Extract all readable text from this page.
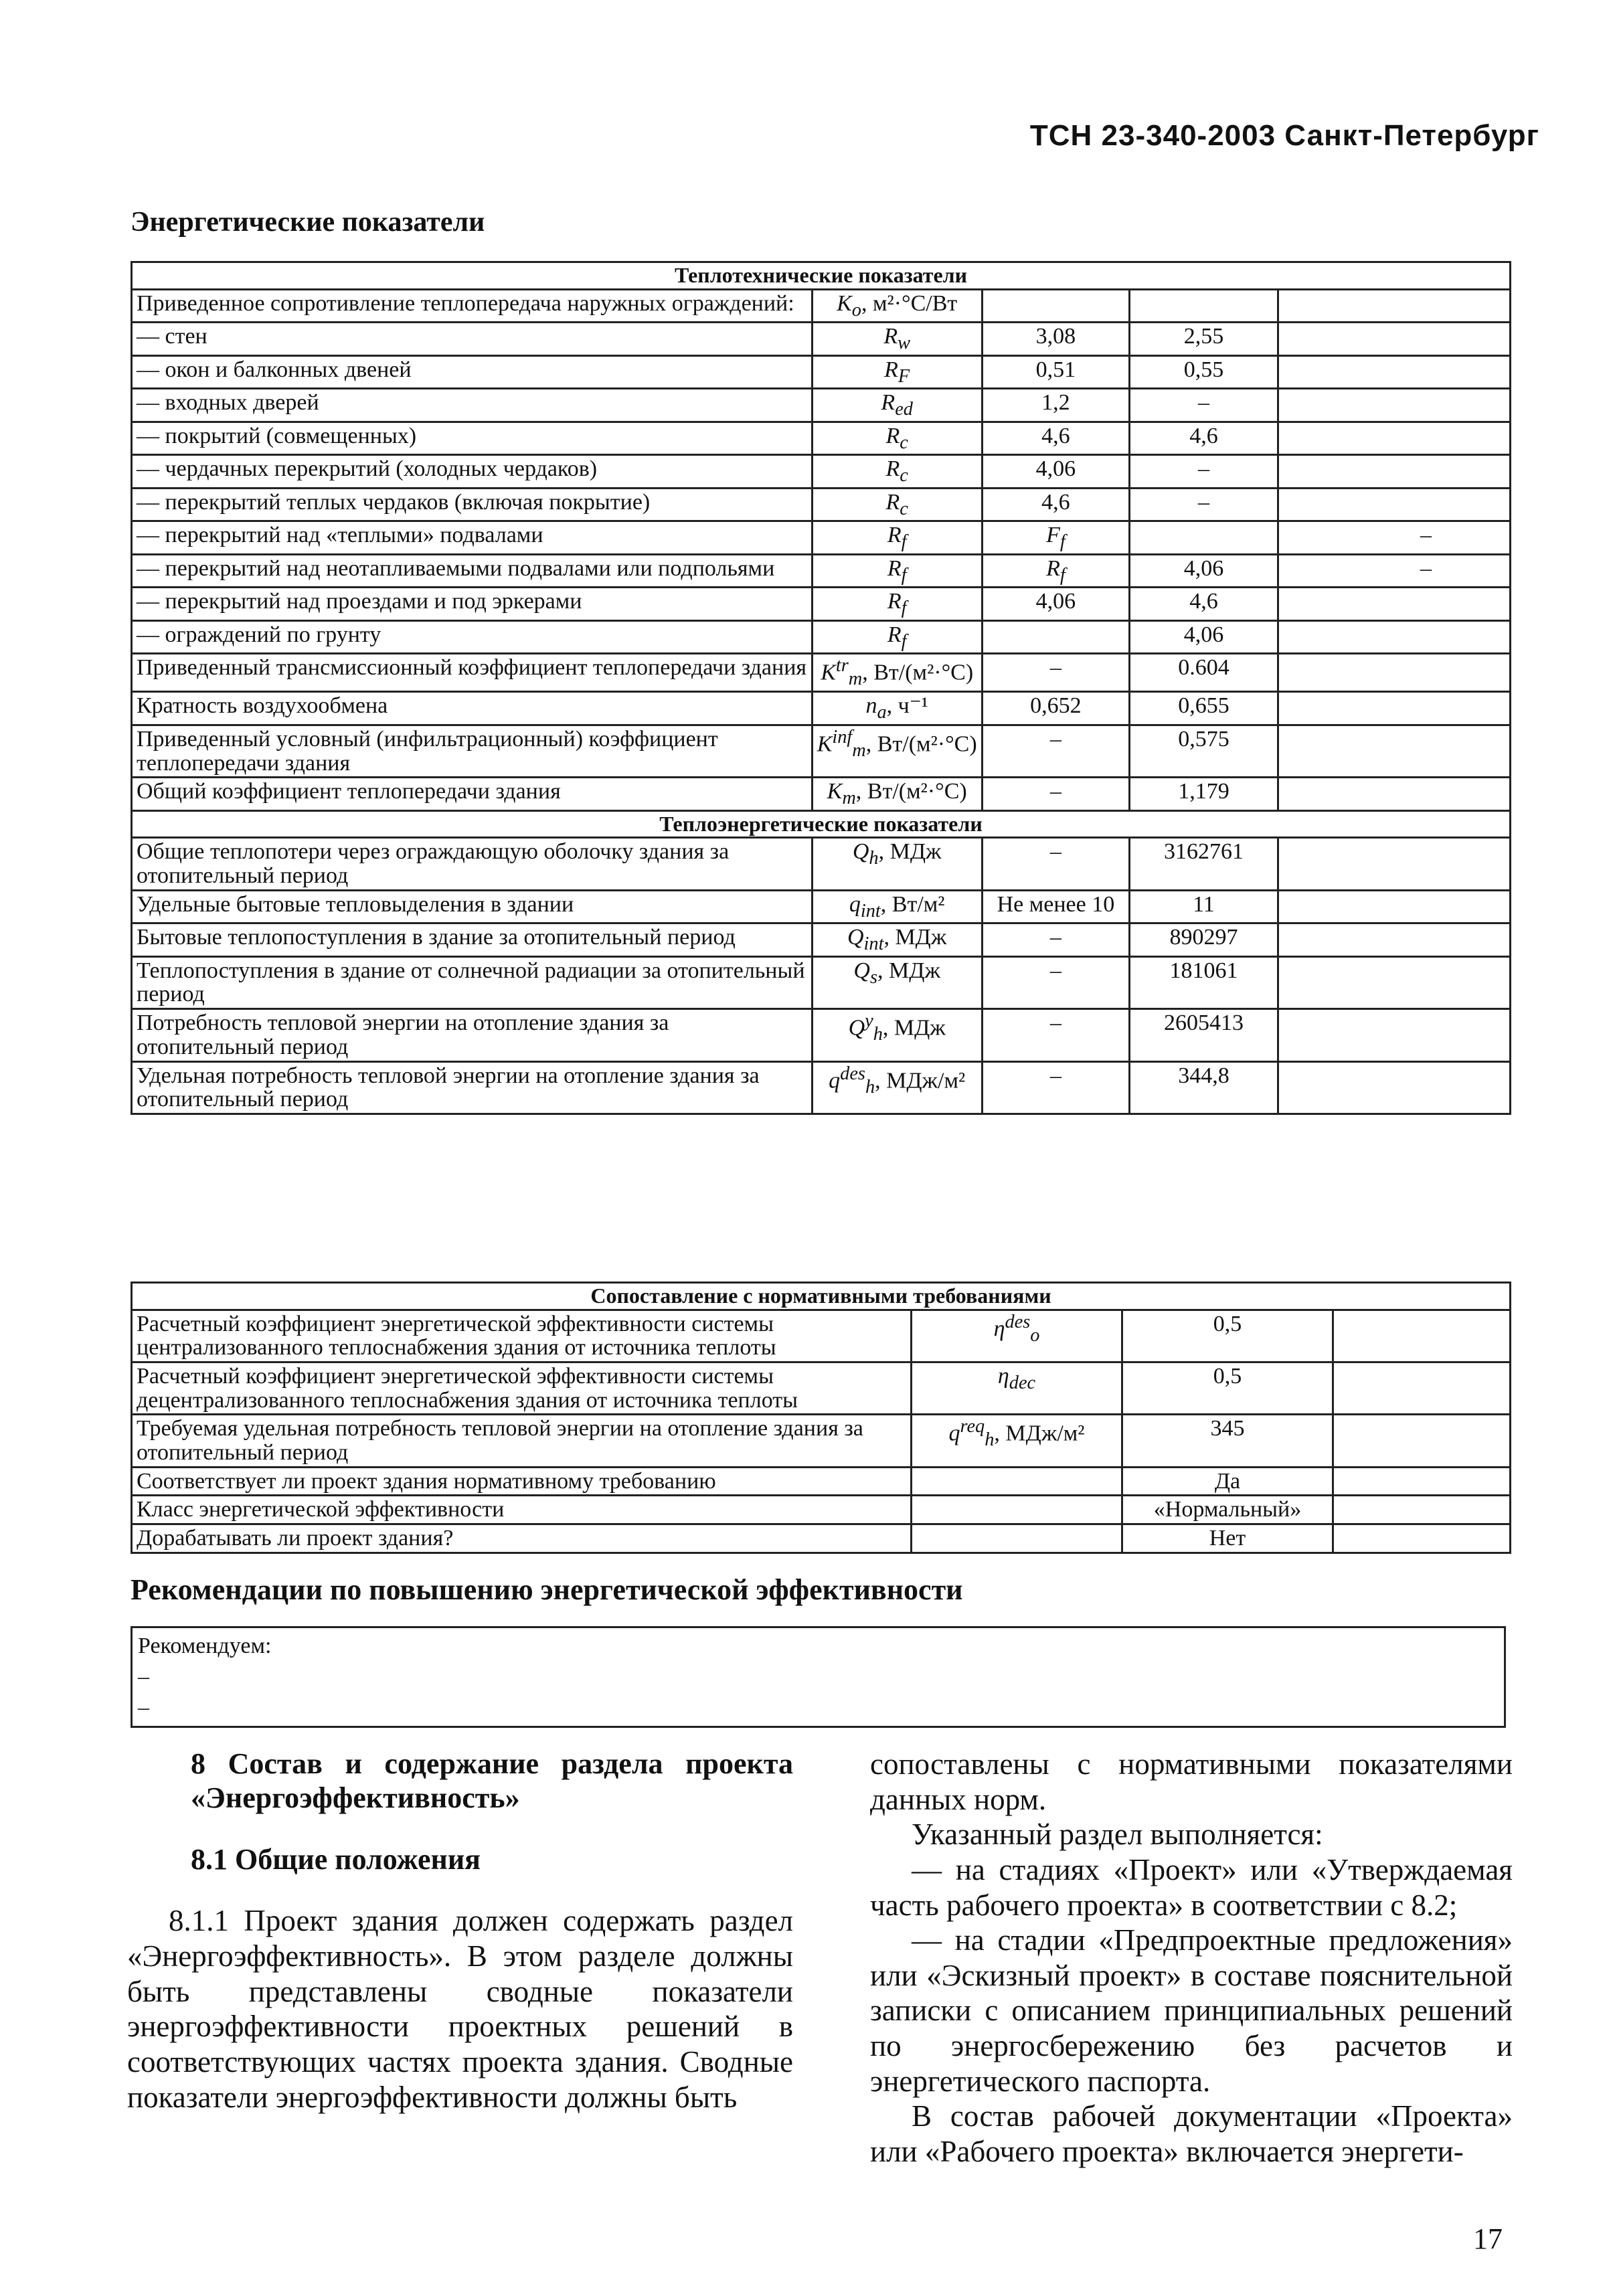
ТСН 23-340-2003 Санкт-Петербург
Энергетические показатели
Теплотехнические показатели				
Приведенное сопротивление теплопередача наружных ограждений:	$K_o$, м²·°С/Вт			

— стен	$R_w$	3,08	2,55	

— окон и балконных двеней	$R_F$	0,51	0,55	

— входных дверей	$R_{ed}$	1,2	–	

— покрытий (совмещенных)	$R_c$	4,6	4,6	

— чердачных перекрытий (холодных чердаков)	$R_c$	4,06	–	

— перекрытий теплых чердаков (включая покрытие)	$R_c$	4,6	–	

— перекрытий над «теплыми» подвалами	$R_f$	$F_f$		–

— перекрытий над неотапливаемыми подвалами или подпольями	$R_f$	$R_f$	4,06	–

— перекрытий над проездами и под эркерами	$R_f$	4,06	4,6	

— ограждений по грунту	$R_f$		4,06	

Приведенный трансмиссионный коэффициент теплопередачи здания	$K^{tr}_m$, Вт/(м²·°С)	–	0.604	

Кратность воздухообмена	$n_a$, ч⁻¹	0,652	0,655	

Приведенный условный (инфильтрационный) коэффициент теплопередачи здания	$K^{inf}_m$, Вт/(м²·°С)	–	0,575	

Общий коэффициент теплопередачи здания	$K_m$, Вт/(м²·°С)	–	1,179	

Теплоэнергетические показатели				
Общие теплопотери через ограждающую оболочку здания за отопительный период	$Q_h$, МДж	–	3162761	
Удельные бытовые тепловыделения в здании	$q_{int}$, Вт/м²	Не менее 10	11	
Бытовые теплопоступления в здание за отопительный период	$Q_{int}$, МДж	–	890297	
Теплопоступления в здание от солнечной радиации за отопительный период	$Q_s$, МДж	–	181061	
Потребность тепловой энергии на отопление здания за отопительный период	$Q^y_h$, МДж	–	2605413	
Удельная потребность тепловой энергии на отопление здания за отопительный период	$q^{des}_h$, МДж/м²	–	344,8	
Сопоставление с нормативными требованиями			
Расчетный коэффициент энергетической эффективности системы централизованного теплоснабжения здания от источника теплоты	$\eta^{des}_o$	0,5	
Расчетный коэффициент энергетической эффективности системы децентрализованного теплоснабжения здания от источника теплоты	$\eta_{dec}$	0,5	
Требуемая удельная потребность тепловой энергии на отопление здания за отопительный период	$q^{req}_h$, МДж/м²	345	
Соответствует ли проект здания нормативному требованию		Да	
Класс энергетической эффективности		«Нормальный»	
Дорабатывать ли проект здания?		Нет	
Рекомендации по повышению энергетической эффективности
Рекомендуем:
–
–

8 Состав и содержание раздела проекта «Энергоэффективность»

8.1 Общие положения

8.1.1 Проект здания должен содержать раздел «Энергоэффективность». В этом разделе должны быть представлены сводные показатели энергоэффективности проектных решений в соответствующих частях проекта здания. Сводные показатели энергоэффективности должны быть

сопоставлены с нормативными показателями данных норм.

Указанный раздел выполняется:

— на стадиях «Проект» или «Утверждаемая часть рабочего проекта» в соответствии с 8.2;

— на стадии «Предпроектные предложения» или «Эскизный проект» в составе пояснительной записки с описанием принципиальных решений по энергосбережению без расчетов и энергетического паспорта.

В состав рабочей документации «Проекта» или «Рабочего проекта» включается энергети-

17
